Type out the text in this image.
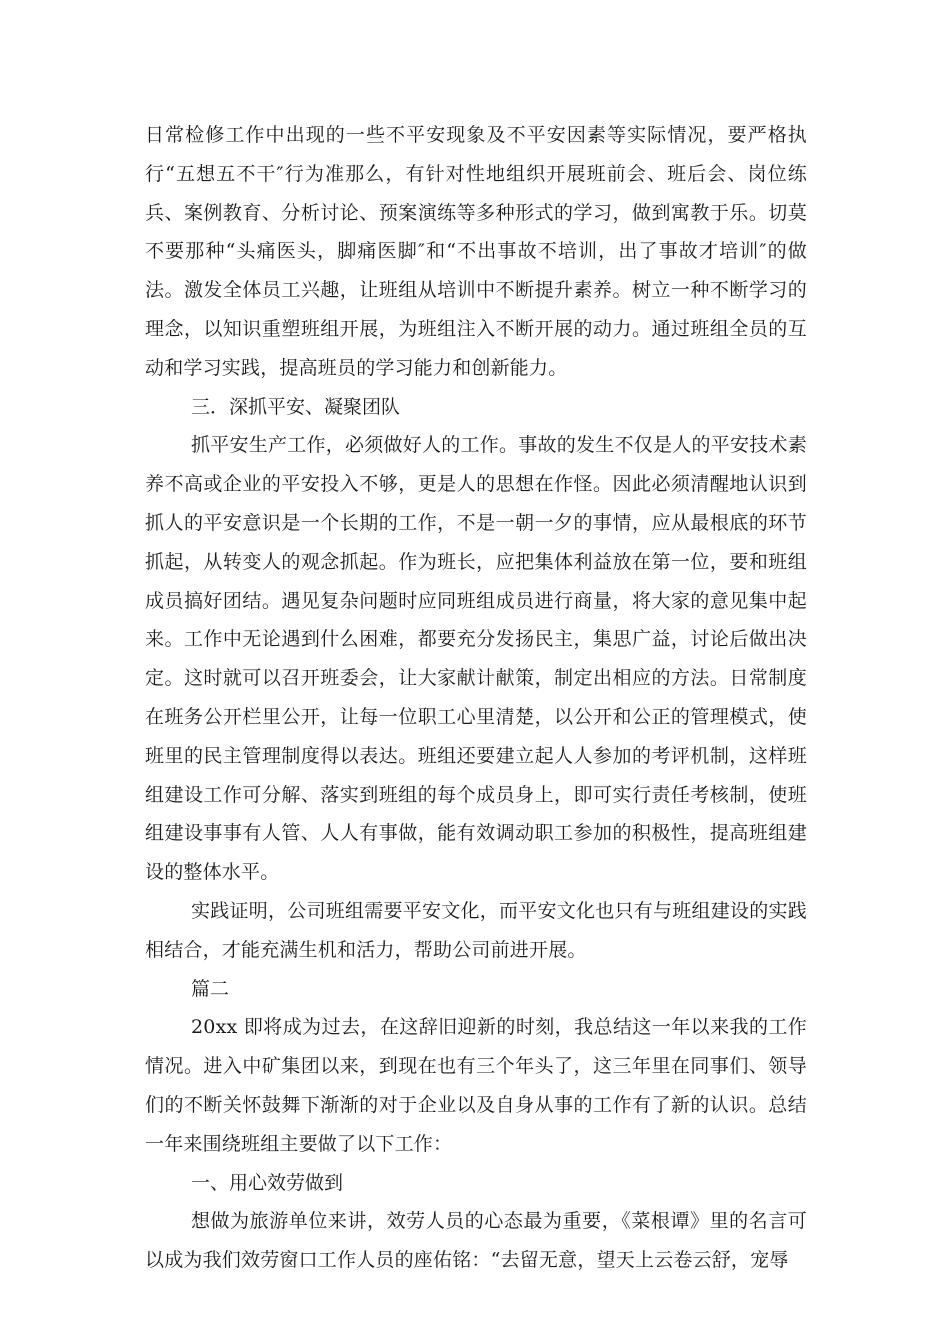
日常检修工作中出现的一些不平安现象及不平安因素等实际情况，要严格执行“五想五不干″行为准那么，有针对性地组织开展班前会、班后会、岗位练兵、案例教育、分析讨论、预案演练等多种形式的学习，做到寓教于乐。切莫不要那种“头痛医头，脚痛医脚″和“不出事故不培训，出了事故才培训″的做法。激发全体员工兴趣，让班组从培训中不断提升素养。树立一种不断学习的理念，以知识重塑班组开展，为班组注入不断开展的动力。通过班组全员的互动和学习实践，提高班员的学习能力和创新能力。

三．深抓平安、凝聚团队

抓平安生产工作，必须做好人的工作。事故的发生不仅是人的平安技术素养不高或企业的平安投入不够，更是人的思想在作怪。因此必须清醒地认识到抓人的平安意识是一个长期的工作，不是一朝一夕的事情，应从最根底的环节抓起，从转变人的观念抓起。作为班长，应把集体利益放在第一位，要和班组成员搞好团结。遇见复杂问题时应同班组成员进行商量，将大家的意见集中起来。工作中无论遇到什么困难，都要充分发扬民主，集思广益，讨论后做出决定。这时就可以召开班委会，让大家献计献策，制定出相应的方法。日常制度在班务公开栏里公开，让每一位职工心里清楚，以公开和公正的管理模式，使班里的民主管理制度得以表达。班组还要建立起人人参加的考评机制，这样班组建设工作可分解、落实到班组的每个成员身上，即可实行责任考核制，使班组建设事事有人管、人人有事做，能有效调动职工参加的积极性，提高班组建设的整体水平。

实践证明，公司班组需要平安文化，而平安文化也只有与班组建设的实践相结合，才能充满生机和活力，帮助公司前进开展。

篇二

20xx 即将成为过去，在这辞旧迎新的时刻，我总结这一年以来我的工作情况。进入中矿集团以来，到现在也有三个年头了，这三年里在同事们、领导们的不断关怀鼓舞下渐渐的对于企业以及自身从事的工作有了新的认识。总结一年来围绕班组主要做了以下工作：

一、用心效劳做到

想做为旅游单位来讲，效劳人员的心态最为重要，《菜根谭》里的名言可以成为我们效劳窗口工作人员的座佑铭：“去留无意，望天上云卷云舒，宠辱
